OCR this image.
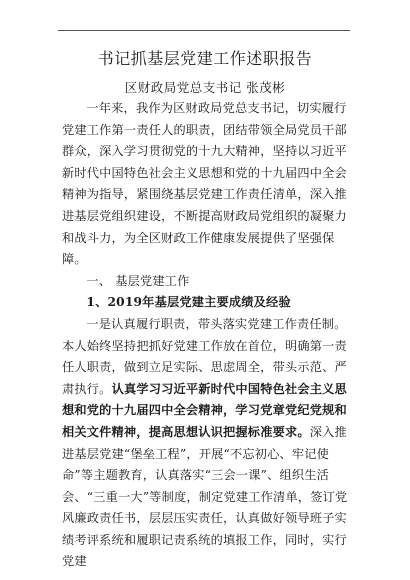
书记抓基层党建工作述职报告
区财政局党总支书记 张茂彬

一年来，我作为区财政局党总支书记，切实履行党建工作第一责任人的职责，团结带领全局党员干部群众，深入学习贯彻党的十九大精神，坚持以习近平新时代中国特色社会主义思想和党的十九届四中全会精神为指导，紧围绕基层党建工作责任清单，深入推进基层党组织建设，不断提高财政局党组织的凝聚力和战斗力，为全区财政工作健康发展提供了坚强保障。

一、 基层党建工作

1、2019年基层党建主要成绩及经验

一是认真履行职责，带头落实党建工作责任制。本人始终坚持把抓好党建工作放在首位，明确第一责任人职责，做到立足实际、思虑周全，带头示范、严肃执行。认真学习习近平新时代中国特色社会主义思想和党的十九届四中全会精神，学习党章党纪党规和相关文件精神，提高思想认识把握标准要求。深入推进基层党建“堡垒工程”，开展“不忘初心、牢记使命”等主题教育，认真落实“三会一课”、组织生活会、“三重一大”等制度，制定党建工作清单，签订党风廉政责任书，层层压实责任，认真做好领导班子实绩考评系统和履职记责系统的填报工作，同时，实行党建
